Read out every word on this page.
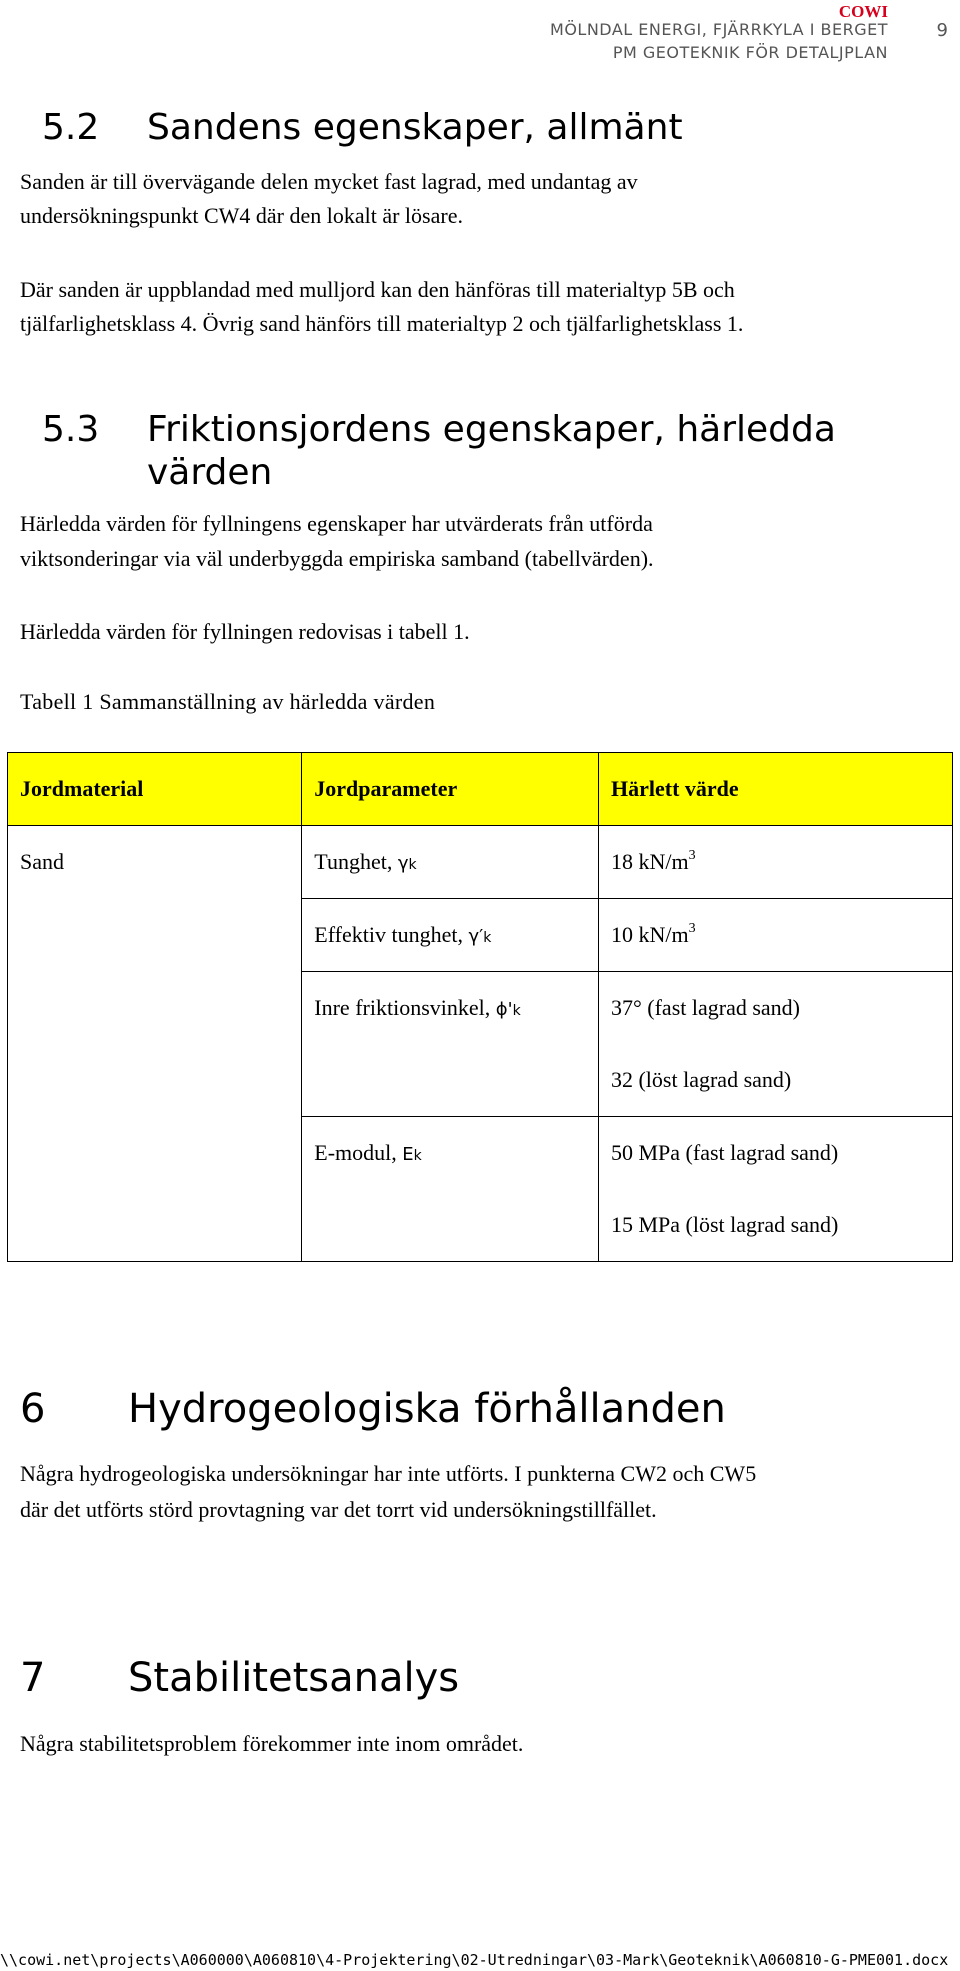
COWI
MÖLNDAL ENERGI, FJÄRRKYLA I BERGET
PM GEOTEKNIK FÖR DETALJPLAN
9
5.2 Sandens egenskaper, allmänt
Sanden är till övervägande delen mycket fast lagrad, med undantag av
undersökningspunkt CW4 där den lokalt är lösare.
Där sanden är uppblandad med mulljord kan den hänföras till materialtyp 5B och
tjälfarlighetsklass 4. Övrig sand hänförs till materialtyp 2 och tjälfarlighetsklass 1.
5.3 Friktionsjordens egenskaper, härledda
värden
Härledda värden för fyllningens egenskaper har utvärderats från utförda
viktsonderingar via väl underbyggda empiriska samband (tabellvärden).
Härledda värden för fyllningen redovisas i tabell 1.
Tabell 1 Sammanställning av härledda värden
Jordmaterial	Jordparameter	Härlett värde
Sand	Tunghet, γk	18 $kN/m^3$
	Effektiv tunghet, γ′k	10 $kN/m^3$

	Inre friktionsvinkel, ϕ'k	37° (fast lagrad sand)
32 (löst lagrad sand)

	E-modul, Ek	50 MPa (fast lagrad sand)
15 MPa (löst lagrad sand)
6 Hydrogeologiska förhållanden
Några hydrogeologiska undersökningar har inte utförts. I punkterna CW2 och CW5
där det utförts störd provtagning var det torrt vid undersökningstillfället.
7 Stabilitetsanalys
Några stabilitetsproblem förekommer inte inom området.
\\cowi.net\projects\A060000\A060810\4-Projektering\02-Utredningar\03-Mark\Geoteknik\A060810-G-PME001.docx
